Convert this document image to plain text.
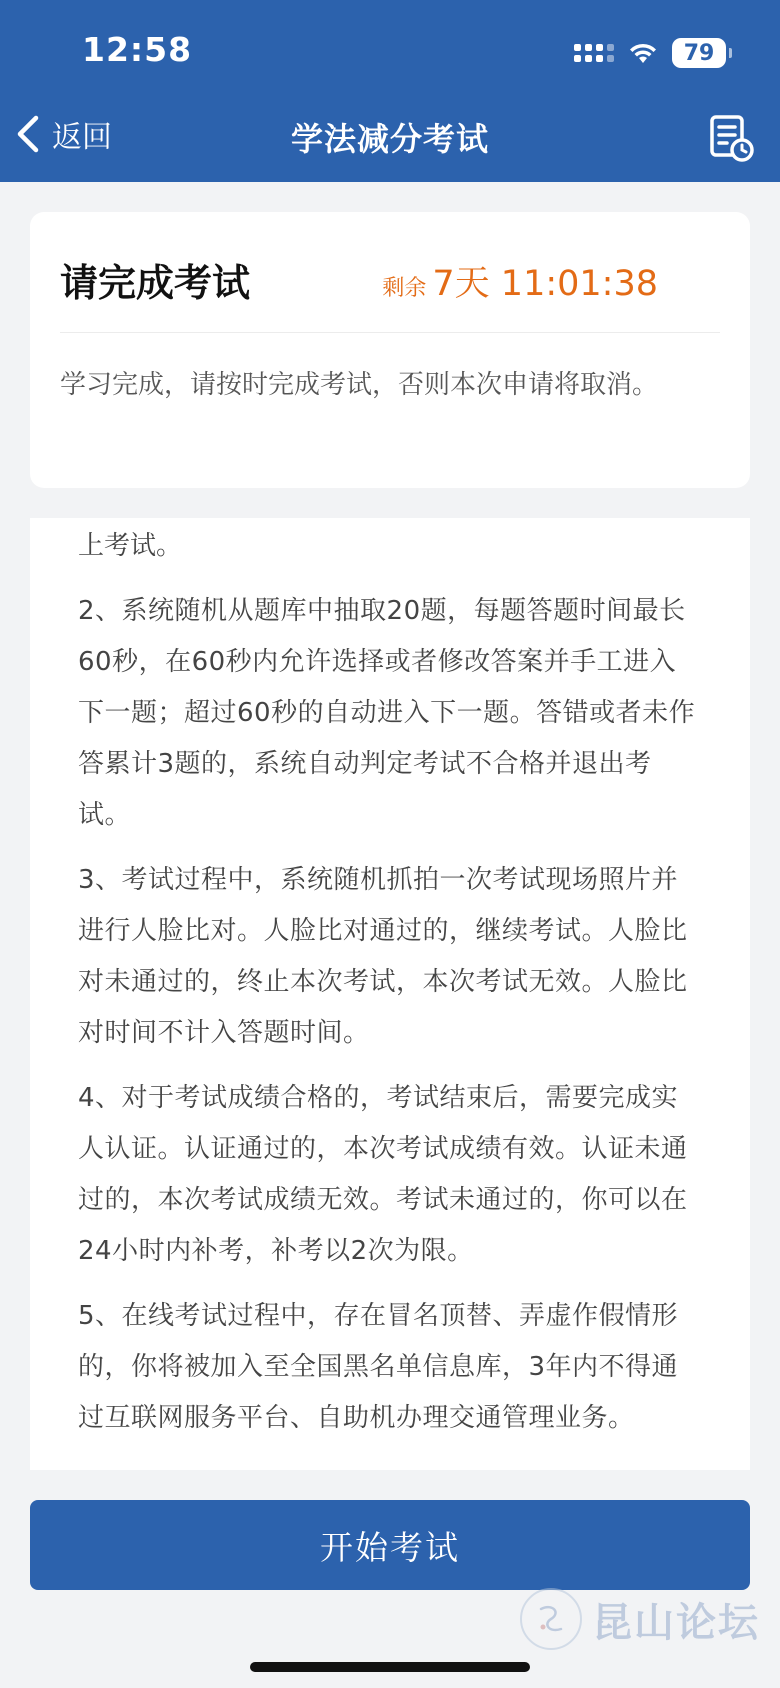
12:58	79
返回	学法减分考试
请完成考试	剩余 7天 11:01:38
学习完成，请按时完成考试，否则本次申请将取消。
上考试。
2、系统随机从题库中抽取20题，每题答题时间最长60秒，在60秒内允许选择或者修改答案并手工进入下一题；超过60秒的自动进入下一题。答错或者未作答累计3题的，系统自动判定考试不合格并退出考试。
3、考试过程中，系统随机抓拍一次考试现场照片并进行人脸比对。人脸比对通过的，继续考试。人脸比对未通过的，终止本次考试，本次考试无效。人脸比对时间不计入答题时间。
4、对于考试成绩合格的，考试结束后，需要完成实人认证。认证通过的，本次考试成绩有效。认证未通过的，本次考试成绩无效。考试未通过的，你可以在24小时内补考，补考以2次为限。
5、在线考试过程中，存在冒名顶替、弄虚作假情形的，你将被加入至全国黑名单信息库，3年内不得通过互联网服务平台、自助机办理交通管理业务。
开始考试
昆山论坛
